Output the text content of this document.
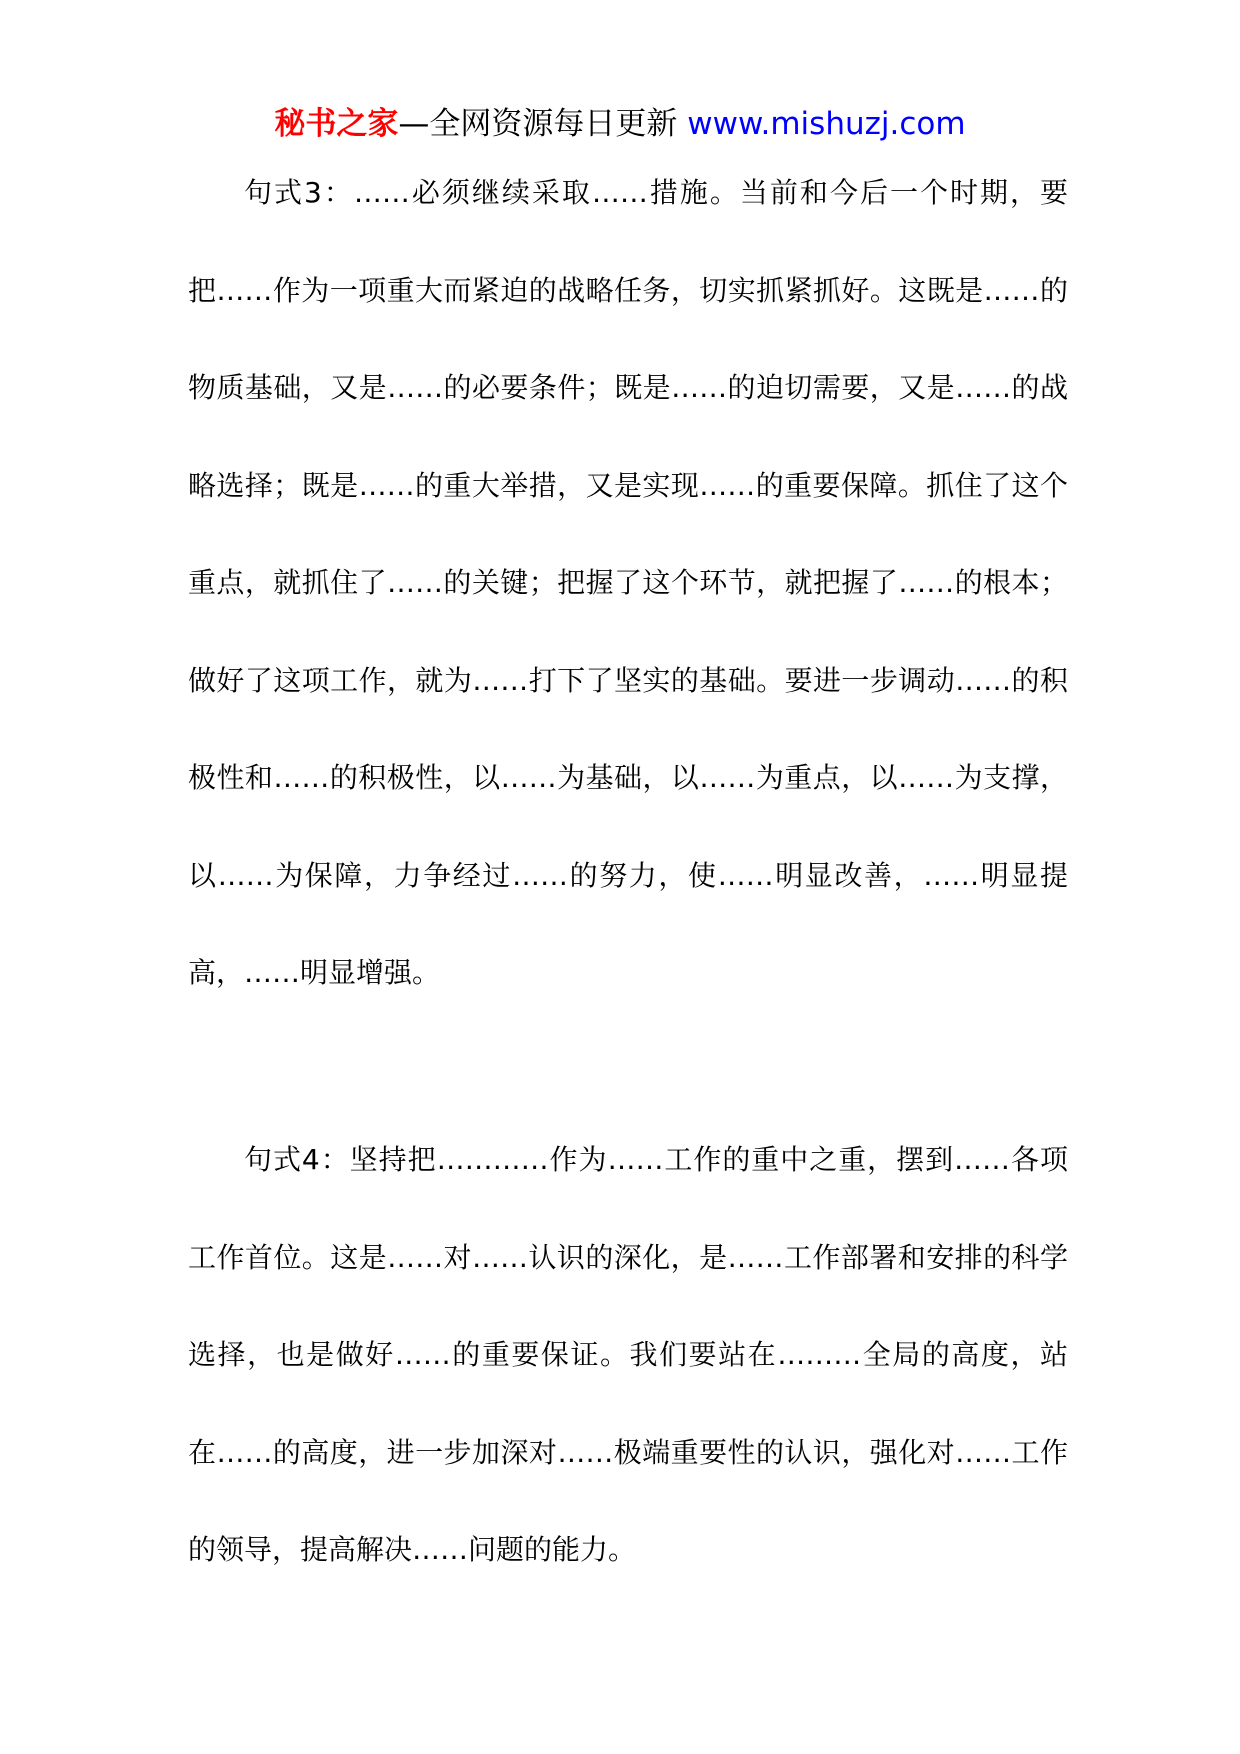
秘书之家—全网资源每日更新 www.mishuzj.com

句式3：……必须继续采取……措施。当前和今后一个时期，要把……作为一项重大而紧迫的战略任务，切实抓紧抓好。这既是……的物质基础，又是……的必要条件；既是……的迫切需要，又是……的战略选择；既是……的重大举措，又是实现……的重要保障。抓住了这个重点，就抓住了……的关键；把握了这个环节，就把握了……的根本；做好了这项工作，就为……打下了坚实的基础。要进一步调动……的积极性和……的积极性，以……为基础，以……为重点，以……为支撑，以……为保障，力争经过……的努力，使……明显改善，……明显提高，……明显增强。

句式4：坚持把…………作为……工作的重中之重，摆到……各项工作首位。这是……对……认识的深化，是……工作部署和安排的科学选择，也是做好……的重要保证。我们要站在………全局的高度，站在……的高度，进一步加深对……极端重要性的认识，强化对……工作的领导，提高解决……问题的能力。
